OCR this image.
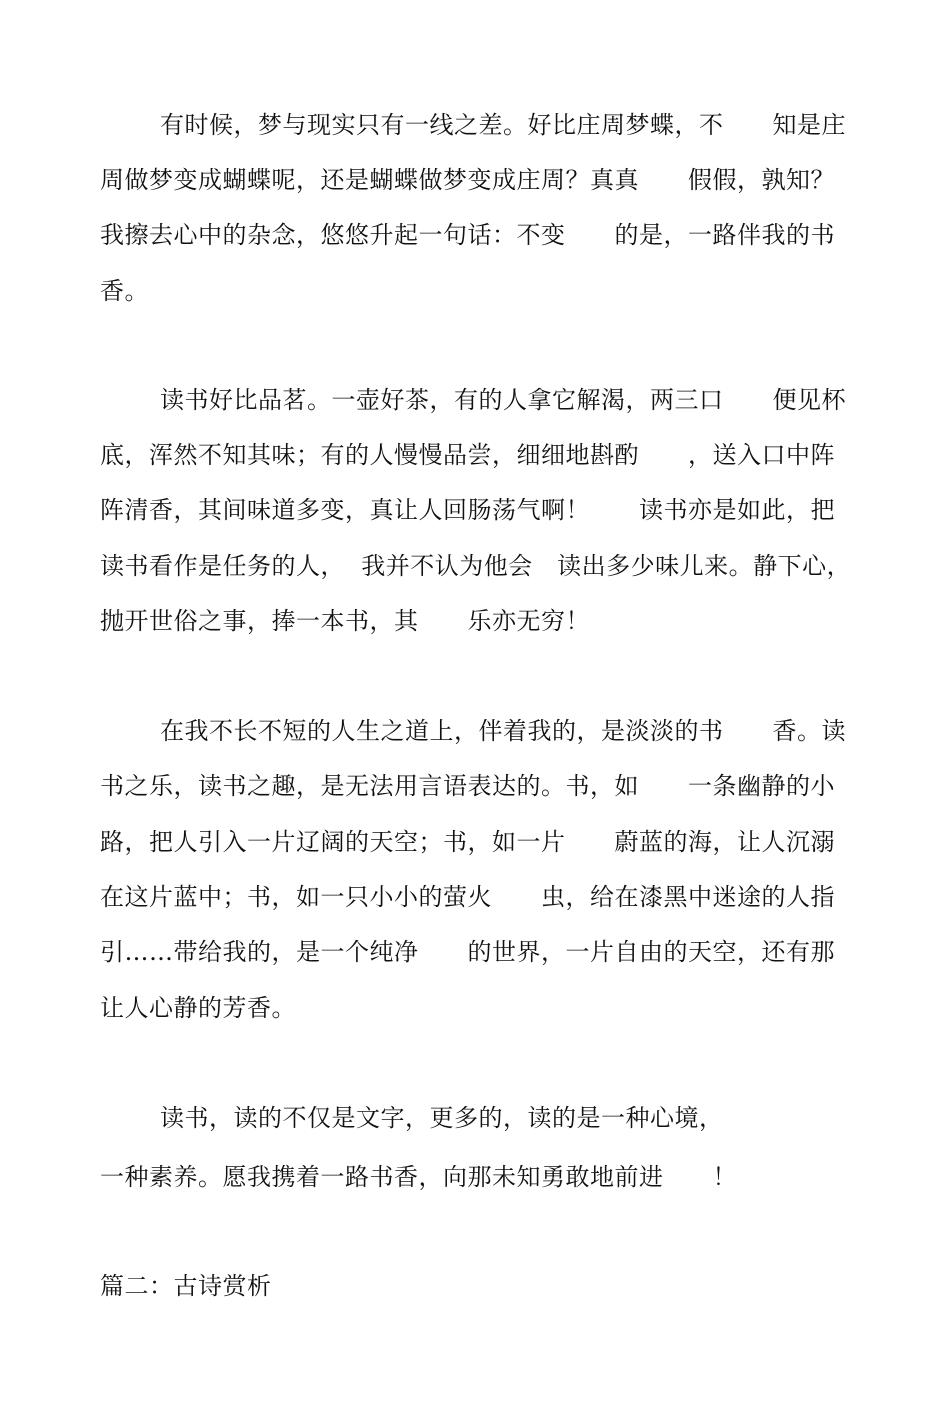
有时候，梦与现实只有一线之差。好比庄周梦蝶，不　　知是庄
周做梦变成蝴蝶呢，还是蝴蝶做梦变成庄周？真真　　假假，孰知？
我擦去心中的杂念，悠悠升起一句话：不变　　的是，一路伴我的书
香。
读书好比品茗。一壶好茶，有的人拿它解渴，两三口　　便见杯
底，浑然不知其味；有的人慢慢品尝，细细地斟酌　　，送入口中阵
阵清香，其间味道多变，真让人回肠荡气啊！　　读书亦是如此，把
读书看作是任务的人，  我并不认为他会   读出多少味儿来。静下心，
抛开世俗之事，捧一本书，其　　乐亦无穷！
在我不长不短的人生之道上，伴着我的，是淡淡的书　　香。读
书之乐，读书之趣，是无法用言语表达的。书，如　　一条幽静的小
路，把人引入一片辽阔的天空；书，如一片　　蔚蓝的海，让人沉溺
在这片蓝中；书，如一只小小的萤火　　虫，给在漆黑中迷途的人指
引……带给我的，是一个纯净　　的世界，一片自由的天空，还有那
让人心静的芳香。
读书，读的不仅是文字，更多的，读的是一种心境，
一种素养。愿我携着一路书香，向那未知勇敢地前进　　！
篇二：古诗赏析
